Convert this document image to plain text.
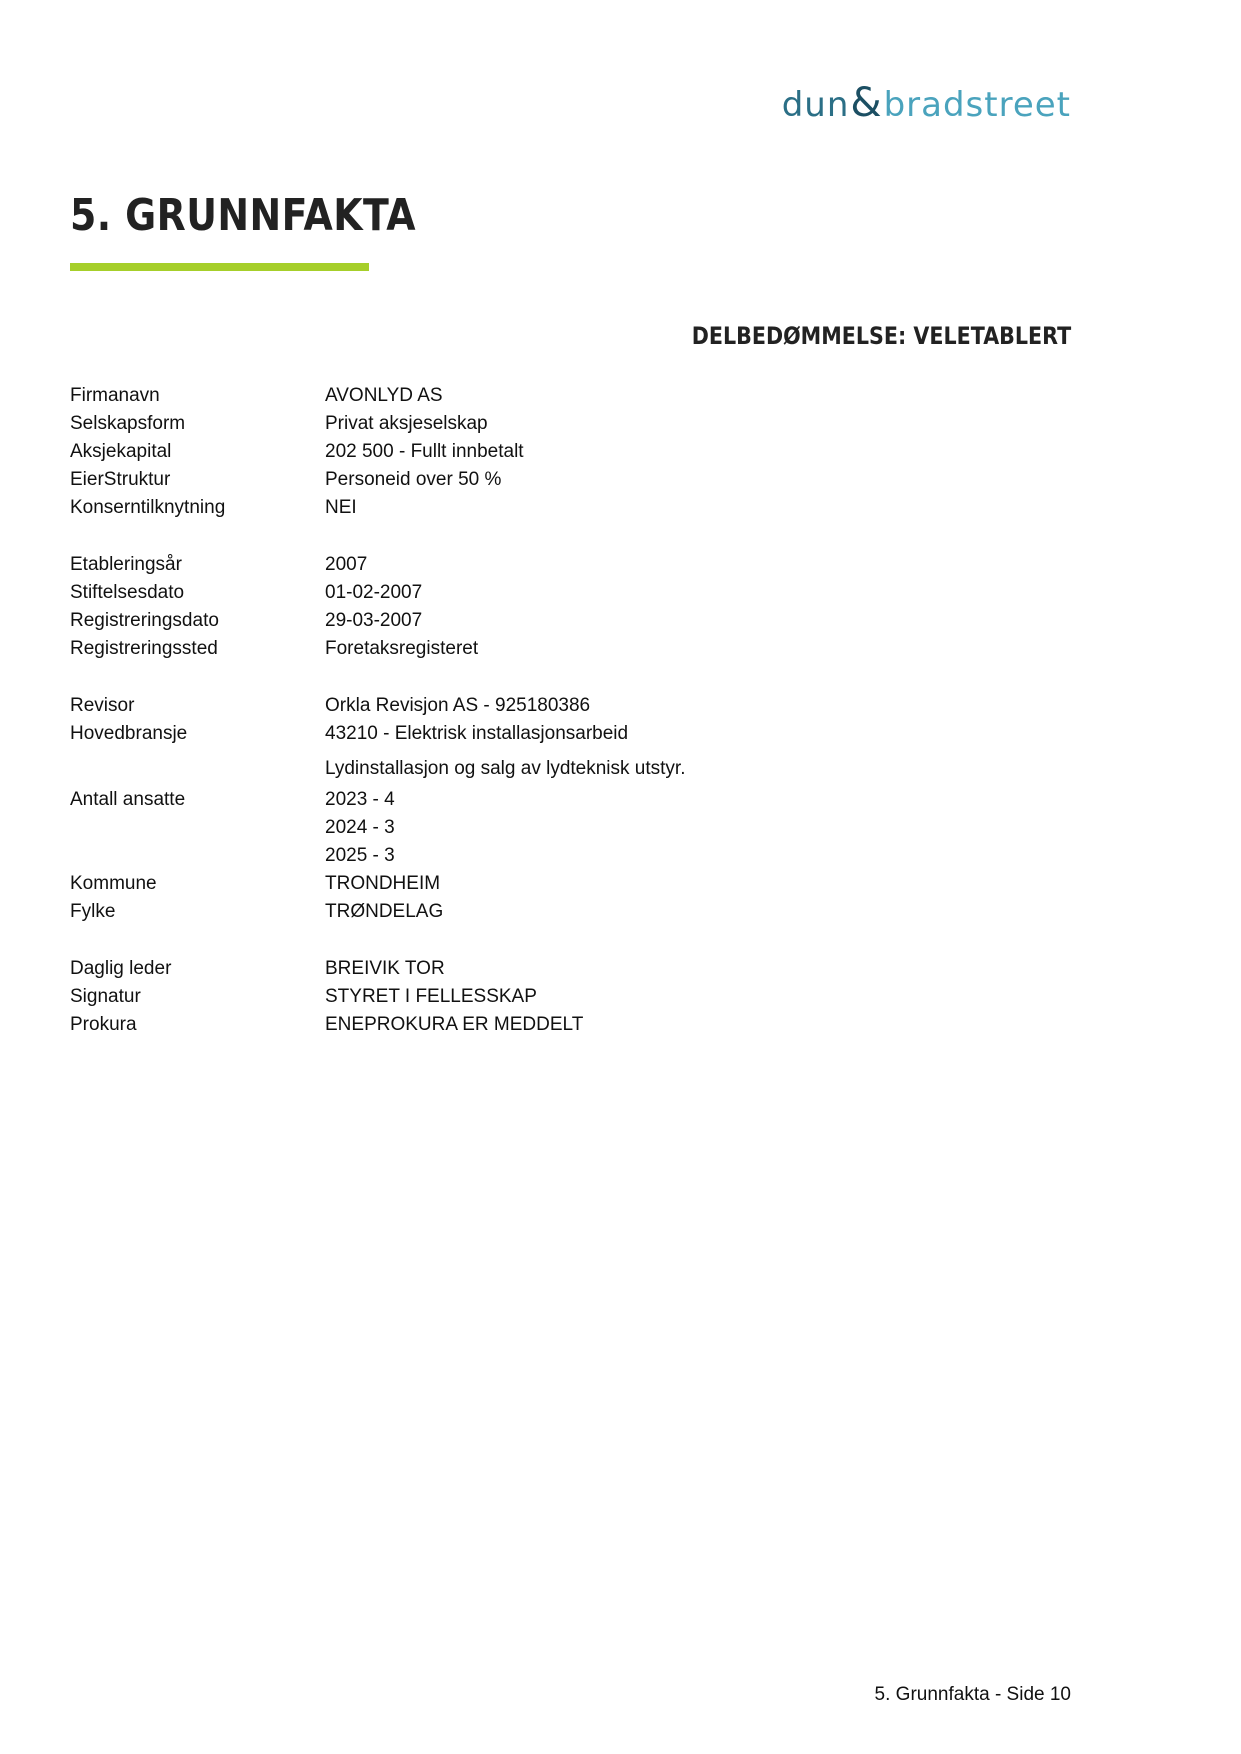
dun & bradstreet
5. GRUNNFAKTA
DELBEDØMMELSE: VELETABLERT
Firmanavn	AVONLYD AS
Selskapsform	Privat aksjeselskap
Aksjekapital	202 500 - Fullt innbetalt
EierStruktur	Personeid over 50 %
Konserntilknytning	NEI
Etableringsår	2007
Stiftelsesdato	01-02-2007
Registreringsdato	29-03-2007
Registreringssted	Foretaksregisteret
Revisor	Orkla Revisjon AS - 925180386
Hovedbransje	43210 - Elektrisk installasjonsarbeid
Lydinstallasjon og salg av lydteknisk utstyr.
Antall ansatte	2023 - 4
2024 - 3
2025 - 3
Kommune	TRONDHEIM
Fylke	TRØNDELAG
Daglig leder	BREIVIK TOR
Signatur	STYRET I FELLESSKAP
Prokura	ENEPROKURA ER MEDDELT
5. Grunnfakta - Side 10
